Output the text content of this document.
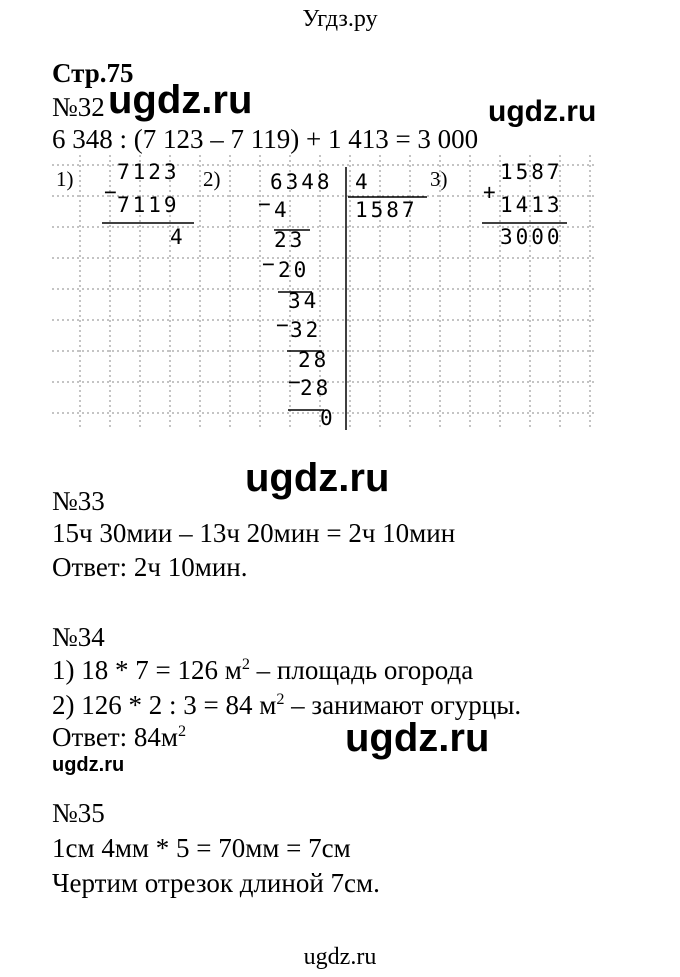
Угдз.ру
Стр.75
№32 ugdz.ru	ugdz.ru
6 348 : (7 123 – 7 119) + 1 413 = 3 000
1)	2)	3)
7123
−
7119
4
6348 4
1587
− 4
23
− 20
34
−
32
28
−
28
0
1587
+
1413
3000
ugdz.ru
№33
15ч 30мии – 13ч 20мин = 2ч 10мин
Ответ: 2ч 10мин.
№34
1) 18 * 7 = 126 $м^2$ – площадь огорода
2) 126 * 2 : 3 = 84 $м^2$ – занимают огурцы.
Ответ: $84м^2$	ugdz.ru
ugdz.ru
№35
1см 4мм * 5 = 70мм = 7см
Чертим отрезок длиной 7см.
ugdz.ru
